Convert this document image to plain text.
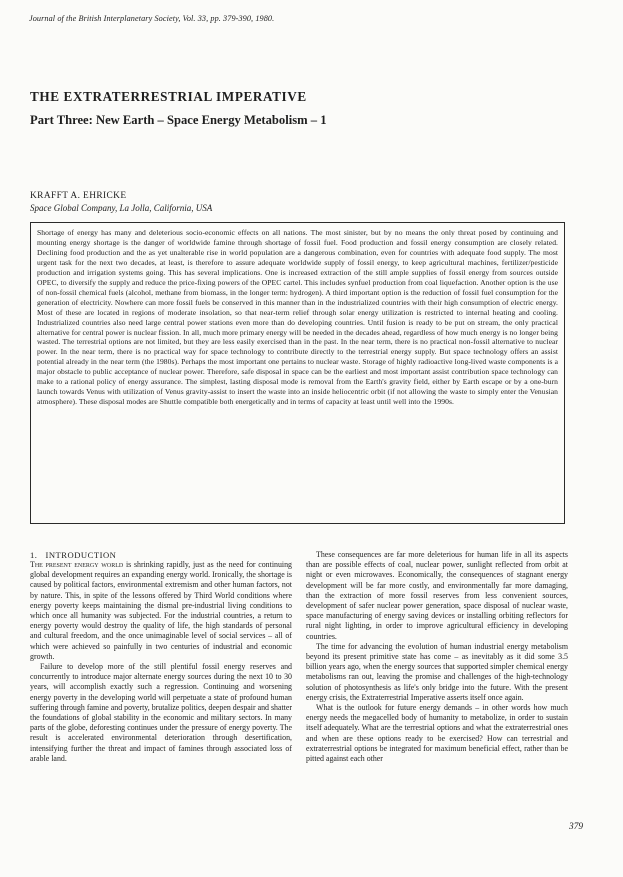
Journal of the British Interplanetary Society, Vol. 33, pp. 379-390, 1980.
THE EXTRATERRESTRIAL IMPERATIVE
Part Three: New Earth – Space Energy Metabolism – 1
KRAFFT A. EHRICKE
Space Global Company, La Jolla, California, USA
Shortage of energy has many and deleterious socio-economic effects on all nations. The most sinister, but by no means the only threat posed by continuing and mounting energy shortage is the danger of worldwide famine through shortage of fossil fuel. Food production and fossil energy consumption are closely related. Declining food production and the as yet unalterable rise in world population are a dangerous combination, even for countries with adequate food supply. The most urgent task for the next two decades, at least, is therefore to assure adequate worldwide supply of fossil energy, to keep agricultural machines, fertilizer/pesticide production and irrigation systems going. This has several implications. One is increased extraction of the still ample supplies of fossil energy from sources outside OPEC, to diversify the supply and reduce the price-fixing powers of the OPEC cartel. This includes synfuel production from coal liquefaction. Another option is the use of non-fossil chemical fuels (alcohol, methane from biomass, in the longer term: hydrogen). A third important option is the reduction of fossil fuel consumption for the generation of electricity. Nowhere can more fossil fuels be conserved in this manner than in the industrialized countries with their high consumption of electric energy. Most of these are located in regions of moderate insolation, so that near-term relief through solar energy utilization is restricted to internal heating and cooling. Industrialized countries also need large central power stations even more than do developing countries. Until fusion is ready to be put on stream, the only practical alternative for central power is nuclear fission. In all, much more primary energy will be needed in the decades ahead, regardless of how much energy is no longer being wasted. The terrestrial options are not limited, but they are less easily exercised than in the past. In the near term, there is no practical non-fossil alternative to nuclear power. In the near term, there is no practical way for space technology to contribute directly to the terrestrial energy supply. But space technology offers an assist potential already in the near term (the 1980s). Perhaps the most important one pertains to nuclear waste. Storage of highly radioactive long-lived waste components is a major obstacle to public acceptance of nuclear power. Therefore, safe disposal in space can be the earliest and most important assist contribution space technology can make to a rational policy of energy assurance. The simplest, lasting disposal mode is removal from the Earth's gravity field, either by Earth escape or by a one-burn launch towards Venus with utilization of Venus gravity-assist to insert the waste into an inside heliocentric orbit (if not allowing the waste to simply enter the Venusian atmosphere). These disposal modes are Shuttle compatible both energetically and in terms of capacity at least until well into the 1990s.
1. INTRODUCTION

The present energy world is shrinking rapidly, just as the need for continuing global development requires an expanding energy world. Ironically, the shortage is caused by political factors, environmental extremism and other human factors, not by nature. This, in spite of the lessons offered by Third World conditions where energy poverty keeps maintaining the dismal pre-industrial living conditions to which once all humanity was subjected. For the industrial countries, a return to energy poverty would destroy the quality of life, the high standards of personal and cultural freedom, and the once unimaginable level of social services – all of which were achieved so painfully in two centuries of industrial and economic growth.

Failure to develop more of the still plentiful fossil energy reserves and concurrently to introduce major alternate energy sources during the next 10 to 30 years, will accomplish exactly such a regression. Continuing and worsening energy poverty in the developing world will perpetuate a state of profound human suffering through famine and poverty, brutalize politics, deepen despair and shatter the foundations of global stability in the economic and military sectors. In many parts of the globe, deforesting continues under the pressure of energy poverty. The result is accelerated environmental deterioration through desertification, intensifying further the threat and impact of famines through associated loss of arable land.

These consequences are far more deleterious for human life in all its aspects than are possible effects of coal, nuclear power, sunlight reflected from orbit at night or even microwaves. Economically, the consequences of stagnant energy development will be far more costly, and environmentally far more damaging, than the extraction of more fossil reserves from less convenient sources, development of safer nuclear power generation, space disposal of nuclear waste, space manufacturing of energy saving devices or installing orbiting reflectors for rural night lighting, in order to improve agricultural efficiency in developing countries.

The time for advancing the evolution of human industrial energy metabolism beyond its present primitive state has come – as inevitably as it did some 3.5 billion years ago, when the energy sources that supported simpler chemical energy metabolisms ran out, leaving the promise and challenges of the high-technology solution of photosynthesis as life's only bridge into the future. With the present energy crisis, the Extraterrestrial Imperative asserts itself once again.

What is the outlook for future energy demands – in other words how much energy needs the megacelled body of humanity to metabolize, in order to sustain itself adequately. What are the terrestrial options and what the extraterrestrial ones and when are these options ready to be exercised? How can terrestrial and extraterrestrial options be integrated for maximum beneficial effect, rather than be pitted against each other

379
